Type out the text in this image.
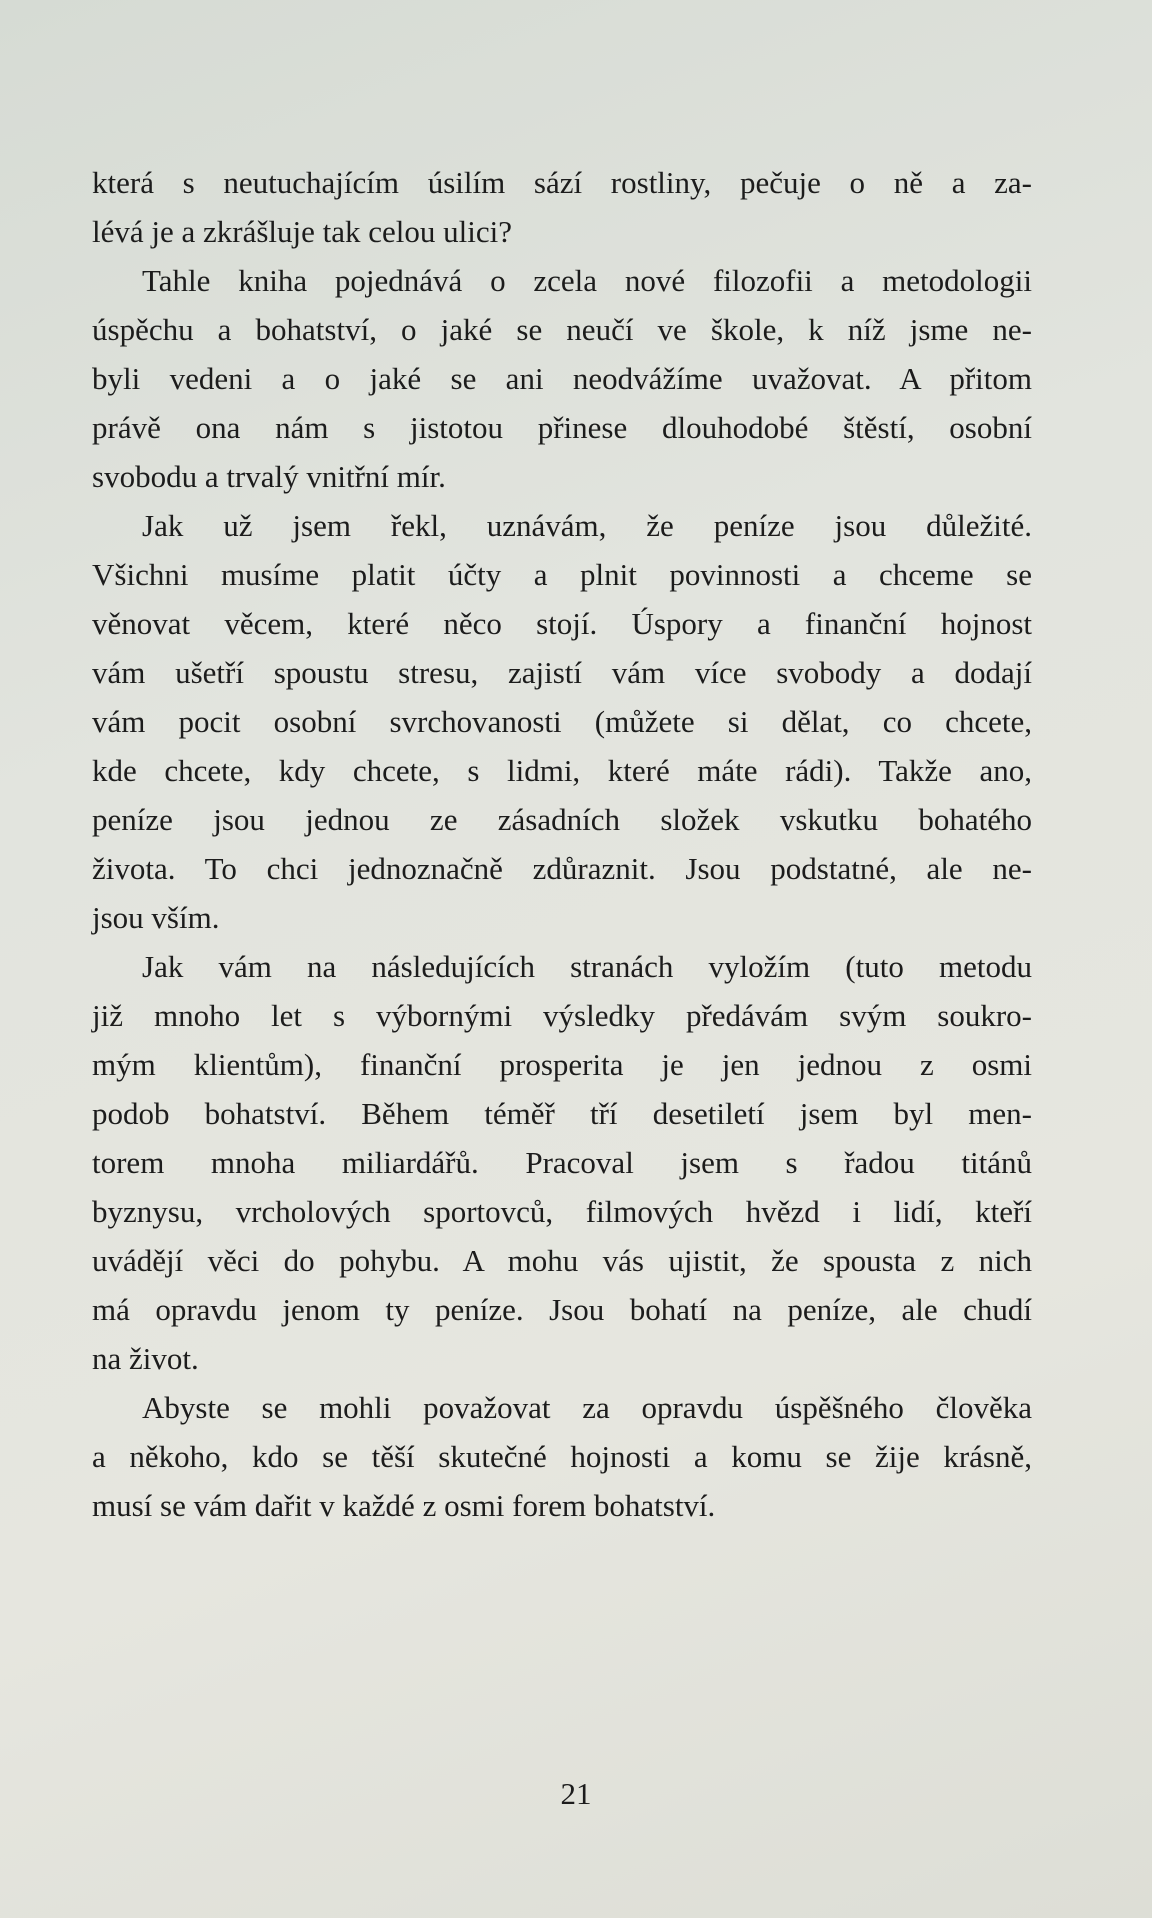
která s neutuchajícím úsilím sází rostliny, pečuje o ně a za-
lévá je a zkrášluje tak celou ulici?
Tahle kniha pojednává o zcela nové filozofii a metodologii
úspěchu a bohatství, o jaké se neučí ve škole, k níž jsme ne-
byli vedeni a o jaké se ani neodvážíme uvažovat. A přitom
právě ona nám s jistotou přinese dlouhodobé štěstí, osobní
svobodu a trvalý vnitřní mír.
Jak už jsem řekl, uznávám, že peníze jsou důležité.
Všichni musíme platit účty a plnit povinnosti a chceme se
věnovat věcem, které něco stojí. Úspory a finanční hojnost
vám ušetří spoustu stresu, zajistí vám více svobody a dodají
vám pocit osobní svrchovanosti (můžete si dělat, co chcete,
kde chcete, kdy chcete, s lidmi, které máte rádi). Takže ano,
peníze jsou jednou ze zásadních složek vskutku bohatého
života. To chci jednoznačně zdůraznit. Jsou podstatné, ale ne-
jsou vším.
Jak vám na následujících stranách vyložím (tuto metodu
již mnoho let s výbornými výsledky předávám svým soukro-
mým klientům), finanční prosperita je jen jednou z osmi
podob bohatství. Během téměř tří desetiletí jsem byl men-
torem mnoha miliardářů. Pracoval jsem s řadou titánů
byznysu, vrcholových sportovců, filmových hvězd i lidí, kteří
uvádějí věci do pohybu. A mohu vás ujistit, že spousta z nich
má opravdu jenom ty peníze. Jsou bohatí na peníze, ale chudí
na život.
Abyste se mohli považovat za opravdu úspěšného člověka
a někoho, kdo se těší skutečné hojnosti a komu se žije krásně,
musí se vám dařit v každé z osmi forem bohatství.
21
